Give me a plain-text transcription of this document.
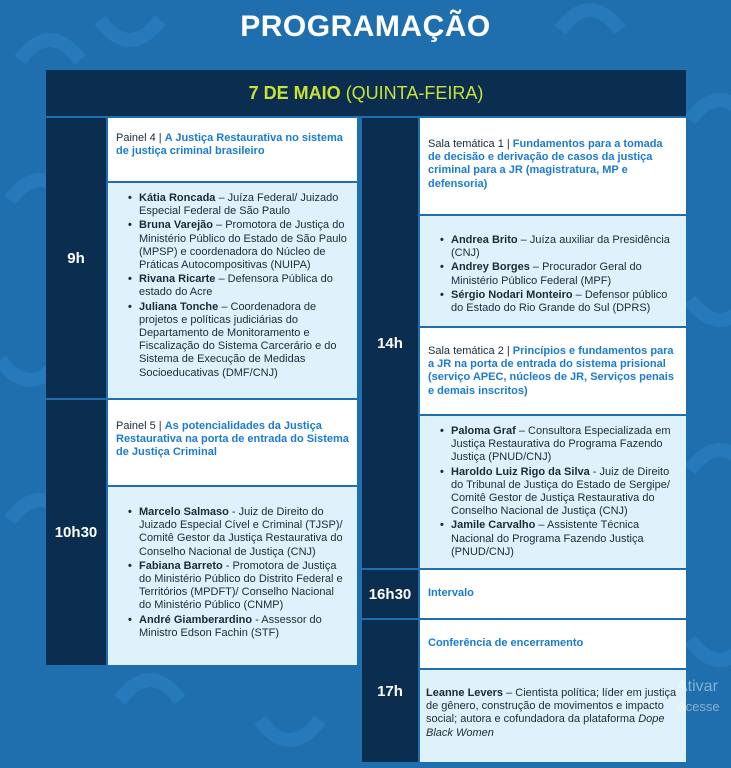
PROGRAMAÇÃO
7 DE MAIO (QUINTA-FEIRA)
9h
Painel 4 | A Justiça Restaurativa no sistema de justiça criminal brasileiro
• Kátia Roncada – Juíza Federal/ Juizado Especial Federal de São Paulo
• Bruna Varejão – Promotora de Justiça do Ministério Público do Estado de São Paulo (MPSP) e coordenadora do Núcleo de Práticas Autocompositivas (NUIPA)
• Rivana Ricarte – Defensora Pública do estado do Acre
• Juliana Tonche – Coordenadora de projetos e políticas judiciárias do Departamento de Monitoramento e Fiscalização do Sistema Carcerário e do Sistema de Execução de Medidas Socioeducativas (DMF/CNJ)
10h30
Painel 5 | As potencialidades da Justiça Restaurativa na porta de entrada do Sistema de Justiça Criminal
• Marcelo Salmaso - Juiz de Direito do Juizado Especial Cível e Criminal (TJSP)/ Comitê Gestor da Justiça Restaurativa do Conselho Nacional de Justiça (CNJ)
• Fabiana Barreto - Promotora de Justiça do Ministério Público do Distrito Federal e Territórios (MPDFT)/ Conselho Nacional do Ministério Público (CNMP)
• André Giamberardino - Assessor do Ministro Edson Fachin (STF)
14h
Sala temática 1 | Fundamentos para a tomada de decisão e derivação de casos da justiça criminal para a JR (magistratura, MP e defensoria)
• Andrea Brito – Juíza auxiliar da Presidência (CNJ)
• Andrey Borges – Procurador Geral do Ministério Público Federal (MPF)
• Sérgio Nodari Monteiro – Defensor público do Estado do Rio Grande do Sul (DPRS)
Sala temática 2 | Princípios e fundamentos para a JR na porta de entrada do sistema prisional (serviço APEC, núcleos de JR, Serviços penais e demais inscritos)
• Paloma Graf – Consultora Especializada em Justiça Restaurativa do Programa Fazendo Justiça (PNUD/CNJ)
• Haroldo Luiz Rigo da Silva - Juiz de Direito do Tribunal de Justiça do Estado de Sergipe/ Comitê Gestor de Justiça Restaurativa do Conselho Nacional de Justiça (CNJ)
• Jamile Carvalho – Assistente Técnica Nacional do Programa Fazendo Justiça (PNUD/CNJ)
16h30 Intervalo
17h
Conferência de encerramento
Leanne Levers – Cientista política; líder em justiça de gênero, construção de movimentos e impacto social; autora e cofundadora da plataforma Dope Black Women
Ativar
Acesse
